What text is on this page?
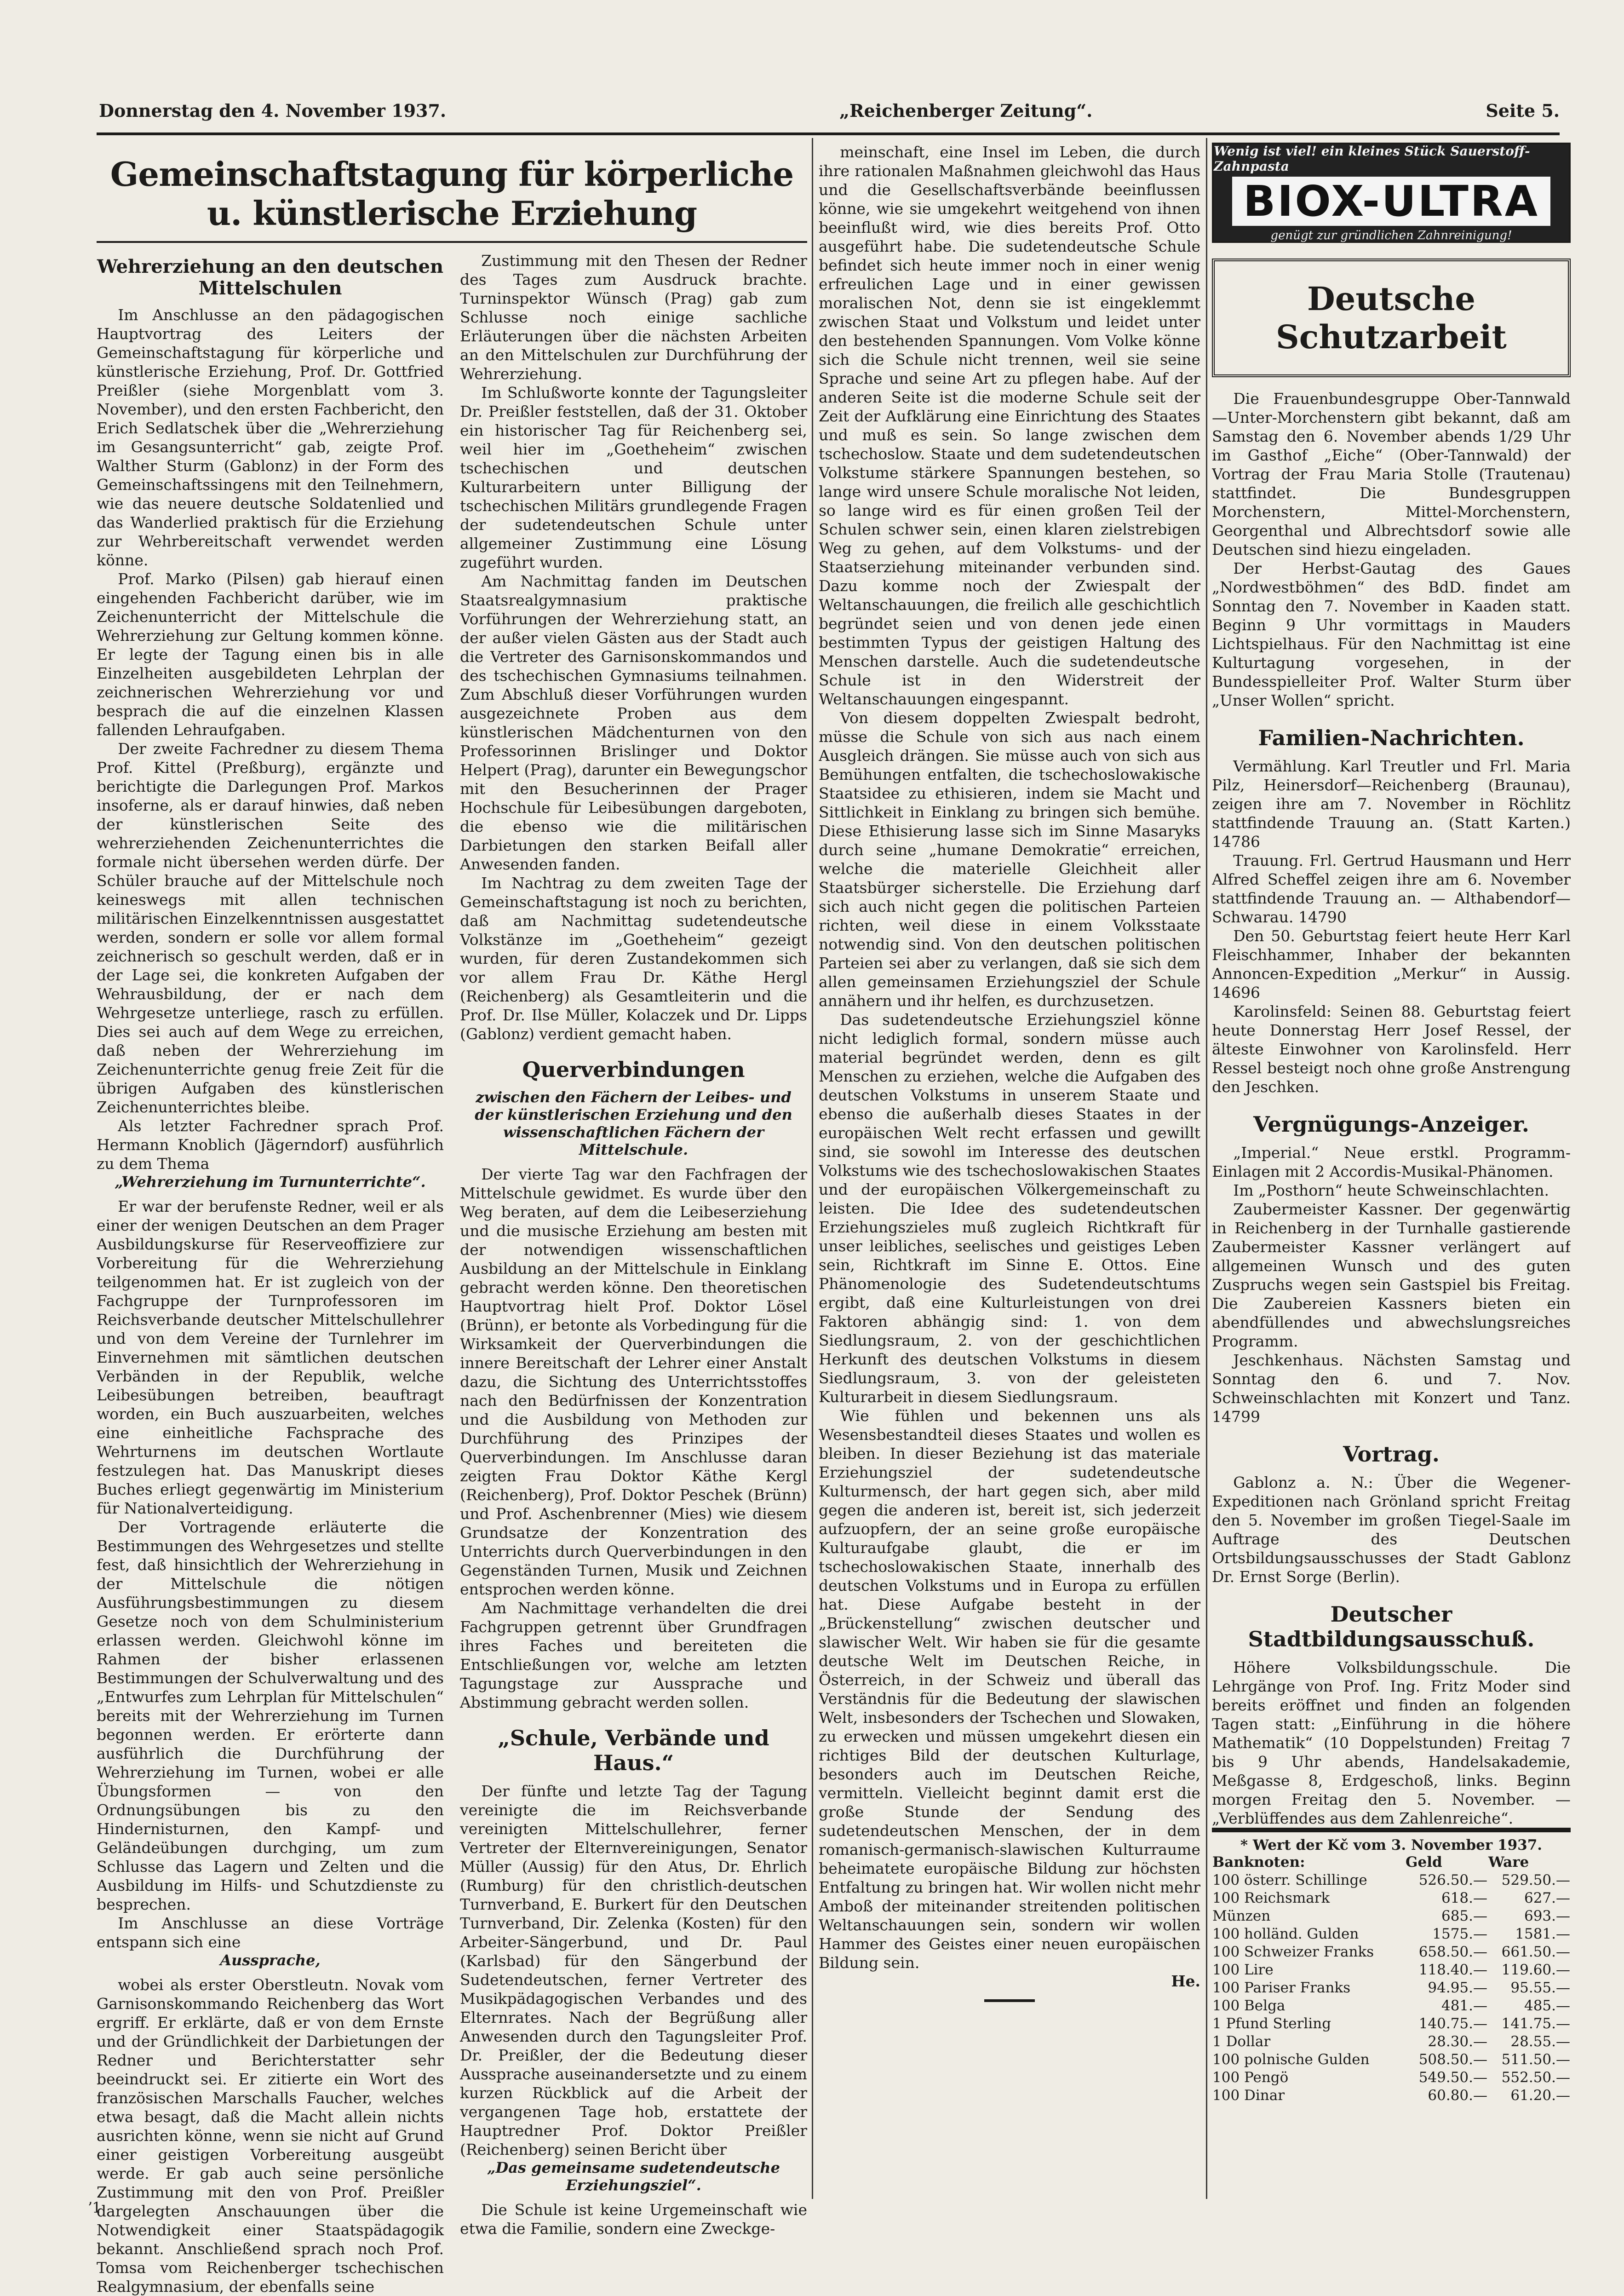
Donnerstag den 4. November 1937.	„Reichenberger Zeitung“.	Seite 5.
Gemeinschaftstagung für körperliche u. künstlerische Erziehung
Wehrerziehung an den deutschen Mittelschulen

Im Anschlusse an den pädagogischen Hauptvortrag des Leiters der Gemeinschaftstagung für körperliche und künstlerische Erziehung, Prof. Dr. Gottfried Preißler (siehe Morgenblatt vom 3. November), und den ersten Fachbericht, den Erich Sedlatschek über die „Wehrerziehung im Gesangsunterricht“ gab, zeigte Prof. Walther Sturm (Gablonz) in der Form des Gemeinschaftssingens mit den Teilnehmern, wie das neuere deutsche Soldatenlied und das Wanderlied praktisch für die Erziehung zur Wehrbereitschaft verwendet werden könne.

Prof. Marko (Pilsen) gab hierauf einen eingehenden Fachbericht darüber, wie im Zeichenunterricht der Mittelschule die Wehrerziehung zur Geltung kommen könne. Er legte der Tagung einen bis in alle Einzelheiten ausgebildeten Lehrplan der zeichnerischen Wehrerziehung vor und besprach die auf die einzelnen Klassen fallenden Lehraufgaben.

Der zweite Fachredner zu diesem Thema Prof. Kittel (Preßburg), ergänzte und berichtigte die Darlegungen Prof. Markos insoferne, als er darauf hinwies, daß neben der künstlerischen Seite des wehrerziehenden Zeichenunterrichtes die formale nicht übersehen werden dürfe. Der Schüler brauche auf der Mittelschule noch keineswegs mit allen technischen militärischen Einzelkenntnissen ausgestattet werden, sondern er solle vor allem formal zeichnerisch so geschult werden, daß er in der Lage sei, die konkreten Aufgaben der Wehrausbildung, der er nach dem Wehrgesetze unterliege, rasch zu erfüllen. Dies sei auch auf dem Wege zu erreichen, daß neben der Wehrerziehung im Zeichenunterrichte genug freie Zeit für die übrigen Aufgaben des künstlerischen Zeichenunterrichtes bleibe.

Als letzter Fachredner sprach Prof. Hermann Knoblich (Jägerndorf) ausführlich zu dem Thema

„Wehrerziehung im Turnunterrichte“.

Er war der berufenste Redner, weil er als einer der wenigen Deutschen an dem Prager Ausbildungskurse für Reserveoffiziere zur Vorbereitung für die Wehrerziehung teilgenommen hat. Er ist zugleich von der Fachgruppe der Turnprofessoren im Reichsverbande deutscher Mittelschullehrer und von dem Vereine der Turnlehrer im Einvernehmen mit sämtlichen deutschen Verbänden in der Republik, welche Leibesübungen betreiben, beauftragt worden, ein Buch auszuarbeiten, welches eine einheitliche Fachsprache des Wehrturnens im deutschen Wortlaute festzulegen hat. Das Manuskript dieses Buches erliegt gegenwärtig im Ministerium für Nationalverteidigung.

Der Vortragende erläuterte die Bestimmungen des Wehrgesetzes und stellte fest, daß hinsichtlich der Wehrerziehung in der Mittelschule die nötigen Ausführungsbestimmungen zu diesem Gesetze noch von dem Schulministerium erlassen werden. Gleichwohl könne im Rahmen der bisher erlassenen Bestimmungen der Schulverwaltung und des „Entwurfes zum Lehrplan für Mittelschulen“ bereits mit der Wehrerziehung im Turnen begonnen werden. Er erörterte dann ausführlich die Durchführung der Wehrerziehung im Turnen, wobei er alle Übungsformen — von den Ordnungsübungen bis zu den Hindernisturnen, den Kampf- und Geländeübungen durchging, um zum Schlusse das Lagern und Zelten und die Ausbildung im Hilfs- und Schutzdienste zu besprechen.

Im Anschlusse an diese Vorträge entspann sich eine

Aussprache,

wobei als erster Oberstleutn. Novak vom Garnisonskommando Reichenberg das Wort ergriff. Er erklärte, daß er von dem Ernste und der Gründlichkeit der Darbietungen der Redner und Berichterstatter sehr beeindruckt sei. Er zitierte ein Wort des französischen Marschalls Faucher, welches etwa besagt, daß die Macht allein nichts ausrichten könne, wenn sie nicht auf Grund einer geistigen Vorbereitung ausgeübt werde. Er gab auch seine persönliche Zustimmung mit den von Prof. Preißler dargelegten Anschauungen über die Notwendigkeit einer Staatspädagogik bekannt. Anschließend sprach noch Prof. Tomsa vom Reichenberger tschechischen Realgymnasium, der ebenfalls seine

Zustimmung mit den Thesen der Redner des Tages zum Ausdruck brachte. Turninspektor Wünsch (Prag) gab zum Schlusse noch einige sachliche Erläuterungen über die nächsten Arbeiten an den Mittelschulen zur Durchführung der Wehrerziehung.

Im Schlußworte konnte der Tagungsleiter Dr. Preißler feststellen, daß der 31. Oktober ein historischer Tag für Reichenberg sei, weil hier im „Goetheheim“ zwischen tschechischen und deutschen Kulturarbeitern unter Billigung der tschechischen Militärs grundlegende Fragen der sudetendeutschen Schule unter allgemeiner Zustimmung eine Lösung zugeführt wurden.

Am Nachmittag fanden im Deutschen Staatsrealgymnasium praktische Vorführungen der Wehrerziehung statt, an der außer vielen Gästen aus der Stadt auch die Vertreter des Garnisonskommandos und des tschechischen Gymnasiums teilnahmen. Zum Abschluß dieser Vorführungen wurden ausgezeichnete Proben aus dem künstlerischen Mädchenturnen von den Professorinnen Brislinger und Doktor Helpert (Prag), darunter ein Bewegungschor mit den Besucherinnen der Prager Hochschule für Leibesübungen dargeboten, die ebenso wie die militärischen Darbietungen den starken Beifall aller Anwesenden fanden.

Im Nachtrag zu dem zweiten Tage der Gemeinschaftstagung ist noch zu berichten, daß am Nachmittag sudetendeutsche Volkstänze im „Goetheheim“ gezeigt wurden, für deren Zustandekommen sich vor allem Frau Dr. Käthe Hergl (Reichenberg) als Gesamtleiterin und die Prof. Dr. Ilse Müller, Kolaczek und Dr. Lipps (Gablonz) verdient gemacht haben.

Querverbindungen
zwischen den Fächern der Leibes- und der künstlerischen Erziehung und den wissenschaftlichen Fächern der Mittelschule.

Der vierte Tag war den Fachfragen der Mittelschule gewidmet. Es wurde über den Weg beraten, auf dem die Leibeserziehung und die musische Erziehung am besten mit der notwendigen wissenschaftlichen Ausbildung an der Mittelschule in Einklang gebracht werden könne. Den theoretischen Hauptvortrag hielt Prof. Doktor Lösel (Brünn), er betonte als Vorbedingung für die Wirksamkeit der Querverbindungen die innere Bereitschaft der Lehrer einer Anstalt dazu, die Sichtung des Unterrichtsstoffes nach den Bedürfnissen der Konzentration und die Ausbildung von Methoden zur Durchführung des Prinzipes der Querverbindungen. Im Anschlusse daran zeigten Frau Doktor Käthe Kergl (Reichenberg), Prof. Doktor Peschek (Brünn) und Prof. Aschenbrenner (Mies) wie diesem Grundsatze der Konzentration des Unterrichts durch Querverbindungen in den Gegenständen Turnen, Musik und Zeichnen entsprochen werden könne.

Am Nachmittage verhandelten die drei Fachgruppen getrennt über Grundfragen ihres Faches und bereiteten die Entschließungen vor, welche am letzten Tagungstage zur Aussprache und Abstimmung gebracht werden sollen.

„Schule, Verbände und Haus.“

Der fünfte und letzte Tag der Tagung vereinigte die im Reichsverbande vereinigten Mittelschullehrer, ferner Vertreter der Elternvereinigungen, Senator Müller (Aussig) für den Atus, Dr. Ehrlich (Rumburg) für den christlich-deutschen Turnverband, E. Burkert für den Deutschen Turnverband, Dir. Zelenka (Kosten) für den Arbeiter-Sängerbund, und Dr. Paul (Karlsbad) für den Sängerbund der Sudetendeutschen, ferner Vertreter des Musikpädagogischen Verbandes und des Elternrates. Nach der Begrüßung aller Anwesenden durch den Tagungsleiter Prof. Dr. Preißler, der die Bedeutung dieser Aussprache auseinandersetzte und zu einem kurzen Rückblick auf die Arbeit der vergangenen Tage hob, erstattete der Hauptredner Prof. Doktor Preißler (Reichenberg) seinen Bericht über

„Das gemeinsame sudetendeutsche Erziehungsziel“.

Die Schule ist keine Urgemeinschaft wie etwa die Familie, sondern eine Zweckge-

meinschaft, eine Insel im Leben, die durch ihre rationalen Maßnahmen gleichwohl das Haus und die Gesellschaftsverbände beeinflussen könne, wie sie umgekehrt weitgehend von ihnen beeinflußt wird, wie dies bereits Prof. Otto ausgeführt habe. Die sudetendeutsche Schule befindet sich heute immer noch in einer wenig erfreulichen Lage und in einer gewissen moralischen Not, denn sie ist eingeklemmt zwischen Staat und Volkstum und leidet unter den bestehenden Spannungen. Vom Volke könne sich die Schule nicht trennen, weil sie seine Sprache und seine Art zu pflegen habe. Auf der anderen Seite ist die moderne Schule seit der Zeit der Aufklärung eine Einrichtung des Staates und muß es sein. So lange zwischen dem tschechoslow. Staate und dem sudetendeutschen Volkstume stärkere Spannungen bestehen, so lange wird unsere Schule moralische Not leiden, so lange wird es für einen großen Teil der Schulen schwer sein, einen klaren zielstrebigen Weg zu gehen, auf dem Volkstums- und der Staatserziehung miteinander verbunden sind. Dazu komme noch der Zwiespalt der Weltanschauungen, die freilich alle geschichtlich begründet seien und von denen jede einen bestimmten Typus der geistigen Haltung des Menschen darstelle. Auch die sudetendeutsche Schule ist in den Widerstreit der Weltanschauungen eingespannt.

Von diesem doppelten Zwiespalt bedroht, müsse die Schule von sich aus nach einem Ausgleich drängen. Sie müsse auch von sich aus Bemühungen entfalten, die tschechoslowakische Staatsidee zu ethisieren, indem sie Macht und Sittlichkeit in Einklang zu bringen sich bemühe. Diese Ethisierung lasse sich im Sinne Masaryks durch seine „humane Demokratie“ erreichen, welche die materielle Gleichheit aller Staatsbürger sicherstelle. Die Erziehung darf sich auch nicht gegen die politischen Parteien richten, weil diese in einem Volksstaate notwendig sind. Von den deutschen politischen Parteien sei aber zu verlangen, daß sie sich dem allen gemeinsamen Erziehungsziel der Schule annähern und ihr helfen, es durchzusetzen.

Das sudetendeutsche Erziehungsziel könne nicht lediglich formal, sondern müsse auch material begründet werden, denn es gilt Menschen zu erziehen, welche die Aufgaben des deutschen Volkstums in unserem Staate und ebenso die außerhalb dieses Staates in der europäischen Welt recht erfassen und gewillt sind, sie sowohl im Interesse des deutschen Volkstums wie des tschechoslowakischen Staates und der europäischen Völkergemeinschaft zu leisten. Die Idee des sudetendeutschen Erziehungszieles muß zugleich Richtkraft für unser leibliches, seelisches und geistiges Leben sein, Richtkraft im Sinne E. Ottos. Eine Phänomenologie des Sudetendeutschtums ergibt, daß eine Kulturleistungen von drei Faktoren abhängig sind: 1. von dem Siedlungsraum, 2. von der geschichtlichen Herkunft des deutschen Volkstums in diesem Siedlungsraum, 3. von der geleisteten Kulturarbeit in diesem Siedlungsraum.

Wie fühlen und bekennen uns als Wesensbestandteil dieses Staates und wollen es bleiben. In dieser Beziehung ist das materiale Erziehungsziel der sudetendeutsche Kulturmensch, der hart gegen sich, aber mild gegen die anderen ist, bereit ist, sich jederzeit aufzuopfern, der an seine große europäische Kulturaufgabe glaubt, die er im tschechoslowakischen Staate, innerhalb des deutschen Volkstums und in Europa zu erfüllen hat. Diese Aufgabe besteht in der „Brückenstellung“ zwischen deutscher und slawischer Welt. Wir haben sie für die gesamte deutsche Welt im Deutschen Reiche, in Österreich, in der Schweiz und überall das Verständnis für die Bedeutung der slawischen Welt, insbesonders der Tschechen und Slowaken, zu erwecken und müssen umgekehrt diesen ein richtiges Bild der deutschen Kulturlage, besonders auch im Deutschen Reiche, vermitteln. Vielleicht beginnt damit erst die große Stunde der Sendung des sudetendeutschen Menschen, der in dem romanisch-germanisch-slawischen Kulturraume beheimatete europäische Bildung zur höchsten Entfaltung zu bringen hat. Wir wollen nicht mehr Amboß der miteinander streitenden politischen Weltanschauungen sein, sondern wir wollen Hammer des Geistes einer neuen europäischen Bildung sein.

He.
Wenig ist viel! ein kleines Stück Sauerstoff-Zahnpasta
BIOX-ULTRA
genügt zur gründlichen Zahnreinigung!
Deutsche Schutzarbeit

Die Frauenbundesgruppe Ober-Tannwald —Unter-Morchenstern gibt bekannt, daß am Samstag den 6. November abends 1/29 Uhr im Gasthof „Eiche“ (Ober-Tannwald) der Vortrag der Frau Maria Stolle (Trautenau) stattfindet. Die Bundesgruppen Morchenstern, Mittel-Morchenstern, Georgenthal und Albrechtsdorf sowie alle Deutschen sind hiezu eingeladen.

Der Herbst-Gautag des Gaues „Nordwestböhmen“ des BdD. findet am Sonntag den 7. November in Kaaden statt. Beginn 9 Uhr vormittags in Mauders Lichtspielhaus. Für den Nachmittag ist eine Kulturtagung vorgesehen, in der Bundesspielleiter Prof. Walter Sturm über „Unser Wollen“ spricht.

Familien-Nachrichten.

Vermählung. Karl Treutler und Frl. Maria Pilz, Heinersdorf—Reichenberg (Braunau), zeigen ihre am 7. November in Röchlitz stattfindende Trauung an. (Statt Karten.) 14786

Trauung. Frl. Gertrud Hausmann und Herr Alfred Scheffel zeigen ihre am 6. November stattfindende Trauung an. — Althabendorf—Schwarau. 14790

Den 50. Geburtstag feiert heute Herr Karl Fleischhammer, Inhaber der bekannten Annoncen-Expedition „Merkur“ in Aussig. 14696

Karolinsfeld: Seinen 88. Geburtstag feiert heute Donnerstag Herr Josef Ressel, der älteste Einwohner von Karolinsfeld. Herr Ressel besteigt noch ohne große Anstrengung den Jeschken.

Vergnügungs-Anzeiger.

„Imperial.“ Neue erstkl. Programm-Einlagen mit 2 Accordis-Musikal-Phänomen.

Im „Posthorn“ heute Schweinschlachten.

Zaubermeister Kassner. Der gegenwärtig in Reichenberg in der Turnhalle gastierende Zaubermeister Kassner verlängert auf allgemeinen Wunsch und des guten Zuspruchs wegen sein Gastspiel bis Freitag. Die Zaubereien Kassners bieten ein abendfüllendes und abwechslungsreiches Programm.

Jeschkenhaus. Nächsten Samstag und Sonntag den 6. und 7. Nov. Schweinschlachten mit Konzert und Tanz. 14799

Vortrag.

Gablonz a. N.: Über die Wegener-Expeditionen nach Grönland spricht Freitag den 5. November im großen Tiegel-Saale im Auftrage des Deutschen Ortsbildungsausschusses der Stadt Gablonz Dr. Ernst Sorge (Berlin).

Deutscher Stadtbildungsausschuß.

Höhere Volksbildungsschule. Die Lehrgänge von Prof. Ing. Fritz Moder sind bereits eröffnet und finden an folgenden Tagen statt: „Einführung in die höhere Mathematik“ (10 Doppelstunden) Freitag 7 bis 9 Uhr abends, Handelsakademie, Meßgasse 8, Erdgeschoß, links. Beginn morgen Freitag den 5. November. — „Verblüffendes aus dem Zahlenreiche“.

* Wert der Kč vom 3. November 1937.
Banknoten:	Geld	Ware
100 österr. Schillinge	526.50.—	529.50.—
100 Reichsmark	618.—	627.—
Münzen	685.—	693.—
100 holländ. Gulden	1575.—	1581.—
100 Schweizer Franks	658.50.—	661.50.—
100 Lire	118.40.—	119.60.—
100 Pariser Franks	94.95.—	95.55.—
100 Belga	481.—	485.—
1 Pfund Sterling	140.75.—	141.75.—
1 Dollar	28.30.—	28.55.—
100 polnische Gulden	508.50.—	511.50.—
100 Pengö	549.50.—	552.50.—
100 Dinar	60.80.—	61.20.—
ʼ1
